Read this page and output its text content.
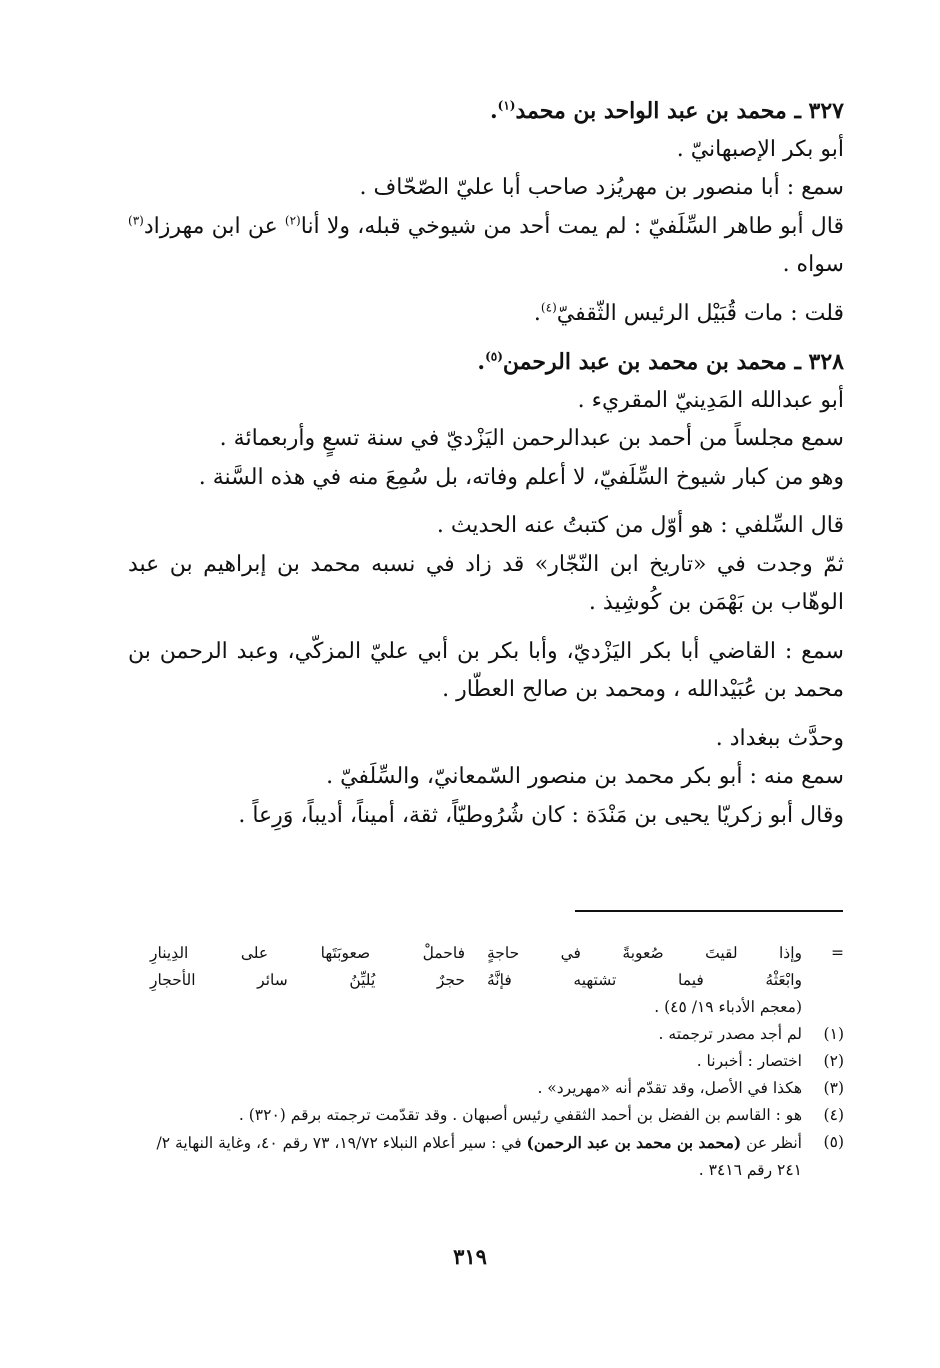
٣٢٧ ـ محمد بن عبد الواحد بن محمد$^{(١)}$.

أبو بكر الإصبهانيّ .

سمع : أبا منصور بن مهريُزد صاحب أبا عليّ الصّحّاف .

قال أبو طاهر السِّلَفيّ : لم يمت أحد من شيوخي قبله، ولا أنا$^{(٢)}$ عن ابن مهرزاد$^{(٣)}$ سواه .

قلت : مات قُبَيْل الرئيس الثّقفيّ$^{(٤)}$.

٣٢٨ ـ محمد بن محمد بن عبد الرحمن$^{(٥)}$.

أبو عبدالله المَدِينيّ المقريء .

سمع مجلساً من أحمد بن عبدالرحمن اليَزْديّ في سنة تسعٍ وأربعمائة .

وهو من كبار شيوخ السِّلَفيّ، لا أعلم وفاته، بل سُمِعَ منه في هذه السَّنة .

قال السِّلفي : هو أوّل من كتبتُ عنه الحديث .

ثمّ وجدت في «تاريخ ابن النّجّار» قد زاد في نسبه محمد بن إبراهيم بن عبد الوهّاب بن بَهْمَن بن كُوشِيذ .

سمع : القاضي أبا بكر اليَزْديّ، وأبا بكر بن أبي عليّ المزكّي، وعبد الرحمن بن محمد بن عُبَيْدالله ، ومحمد بن صالح العطّار .

وحدَّث ببغداد .

سمع منه : أبو بكر محمد بن منصور السّمعانيّ، والسِّلَفيّ .

وقال أبو زكريّا يحيى بن مَنْدَة : كان شُرُوطيّاً، ثقة، أميناً، أديباً، وَرِعاً .

=
وإذا لقيتَ صُعوبةً في حاجةٍ
فاحملْ صعوبَتَها على الدِينارِ
وابْعَثْهُ فيما تشتهيه فإنَّهُ
حجرٌ يُليِّنُ سائر الأحجارِ
(معجم الأدباء ١٩/ ٤٥) .
(١)
لم أجد مصدر ترجمته .
(٢)
اختصار : أخبرنا .
(٣)
هكذا في الأصل، وقد تقدّم أنه «مهريرد» .
(٤)
هو : القاسم بن الفضل بن أحمد الثقفي رئيس أصبهان . وقد تقدّمت ترجمته برقم (٣٢٠) .
(٥)
أنظر عن (محمد بن محمد بن عبد الرحمن) في : سير أعلام النبلاء ١٩/٧٢، ٧٣ رقم ٤٠، وغاية النهاية ٢/ ٢٤١ رقم ٣٤١٦ .
٣١٩
